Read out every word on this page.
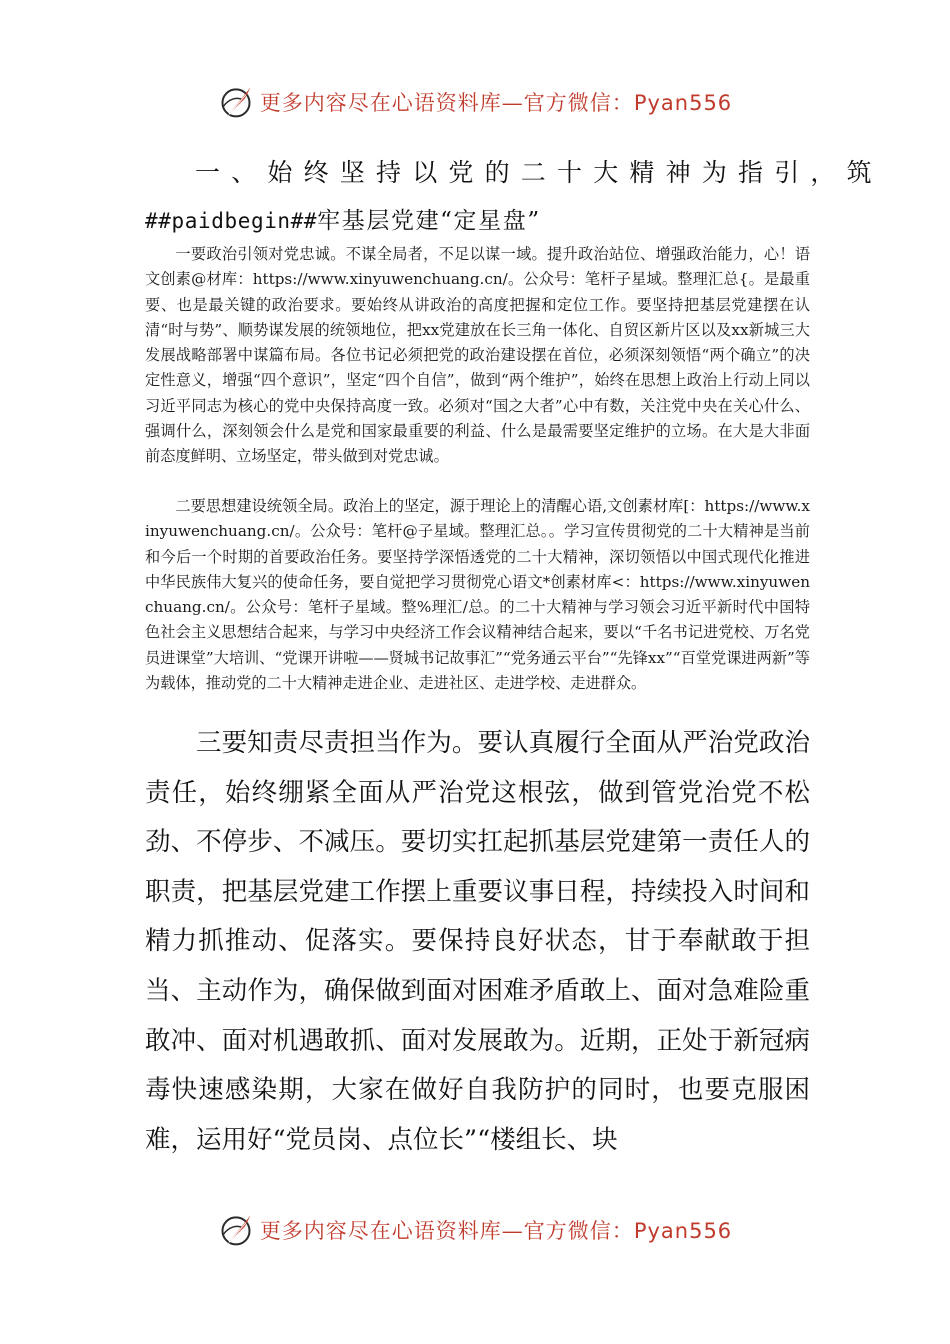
更多内容尽在心语资料库—官方微信：Pyan556
一、始终坚持以党的二十大精神为指引，筑
##paidbegin##牢基层党建“定星盘”

一要政治引领对党忠诚。不谋全局者，不足以谋一域。提升政治站位、增强政治能力，心！语文创素@材库：https://www.xinyuwenchuang.cn/。公众号：笔杆子星域。整理汇总{。是最重要、也是最关键的政治要求。要始终从讲政治的高度把握和定位工作。要坚持把基层党建摆在认清“时与势”、顺势谋发展的统领地位，把xx党建放在长三角一体化、自贸区新片区以及xx新城三大发展战略部署中谋篇布局。各位书记必须把党的政治建设摆在首位，必须深刻领悟“两个确立”的决定性意义，增强“四个意识”，坚定“四个自信”，做到“两个维护”，始终在思想上政治上行动上同以习近平同志为核心的党中央保持高度一致。必须对“国之大者”心中有数，关注党中央在关心什么、强调什么，深刻领会什么是党和国家最重要的利益、什么是最需要坚定维护的立场。在大是大非面前态度鲜明、立场坚定，带头做到对党忠诚。

二要思想建设统领全局。政治上的坚定，源于理论上的清醒心语,文创素材库[：https://www.xinyuwenchuang.cn/。公众号：笔杆@子星域。整理汇总。。学习宣传贯彻党的二十大精神是当前和今后一个时期的首要政治任务。要坚持学深悟透党的二十大精神，深切领悟以中国式现代化推进中华民族伟大复兴的使命任务，要自觉把学习贯彻党心语文*创素材库<：https://www.xinyuwenchuang.cn/。公众号：笔杆子星域。整%理汇/总。的二十大精神与学习领会习近平新时代中国特色社会主义思想结合起来，与学习中央经济工作会议精神结合起来，要以“千名书记进党校、万名党员进课堂”大培训、“党课开讲啦——贤城书记故事汇”“党务通云平台”“先锋xx”“百堂党课进两新”等为载体，推动党的二十大精神走进企业、走进社区、走进学校、走进群众。

三要知责尽责担当作为。要认真履行全面从严治党政治责任，始终绷紧全面从严治党这根弦，做到管党治党不松劲、不停步、不减压。要切实扛起抓基层党建第一责任人的职责，把基层党建工作摆上重要议事日程，持续投入时间和精力抓推动、促落实。要保持良好状态，甘于奉献敢于担当、主动作为，确保做到面对困难矛盾敢上、面对急难险重敢冲、面对机遇敢抓、面对发展敢为。近期，正处于新冠病毒快速感染期，大家在做好自我防护的同时，也要克服困难，运用好“党员岗、点位长”“楼组长、块

更多内容尽在心语资料库—官方微信：Pyan556
